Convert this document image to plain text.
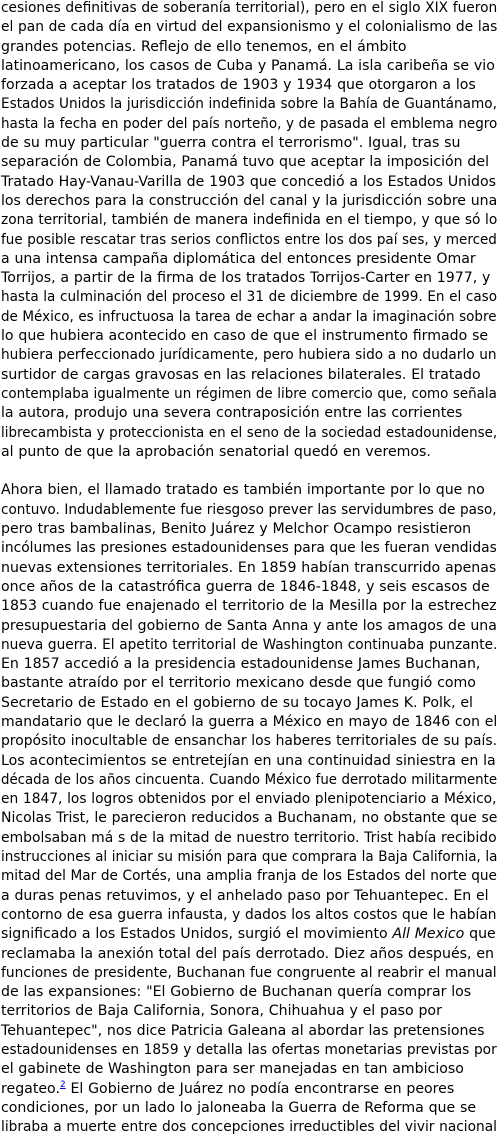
cesiones definitivas de soberanía territorial), pero en el siglo XIX fueron
el pan de cada día en virtud del expansionismo y el colonialismo de las
grandes potencias. Reflejo de ello tenemos, en el ámbito
latinoamericano, los casos de Cuba y Panamá. La isla caribeña se vio
forzada a aceptar los tratados de 1903 y 1934 que otorgaron a los
Estados Unidos la jurisdicción indefinida sobre la Bahía de Guantánamo,
hasta la fecha en poder del país norteño, y de pasada el emblema negro
de su muy particular "guerra contra el terrorismo". Igual, tras su
separación de Colombia, Panamá tuvo que aceptar la imposición del
Tratado Hay-Vanau-Varilla de 1903 que concedió a los Estados Unidos
los derechos para la construcción del canal y la jurisdicción sobre una
zona territorial, también de manera indefinida en el tiempo, y que só lo
fue posible rescatar tras serios conflictos entre los dos paí ses, y merced
a una intensa campaña diplomática del entonces presidente Omar
Torrijos, a partir de la firma de los tratados Torrijos-Carter en 1977, y
hasta la culminación del proceso el 31 de diciembre de 1999. En el caso
de México, es infructuosa la tarea de echar a andar la imaginación sobre
lo que hubiera acontecido en caso de que el instrumento firmado se
hubiera perfeccionado jurídicamente, pero hubiera sido a no dudarlo un
surtidor de cargas gravosas en las relaciones bilaterales. El tratado
contemplaba igualmente un régimen de libre comercio que, como señala
la autora, produjo una severa contraposición entre las corrientes
librecambista y proteccionista en el seno de la sociedad estadounidense,
al punto de que la aprobación senatorial quedó en veremos.
Ahora bien, el llamado tratado es también importante por lo que no
contuvo. Indudablemente fue riesgoso prever las servidumbres de paso,
pero tras bambalinas, Benito Juárez y Melchor Ocampo resistieron
incólumes las presiones estadounidenses para que les fueran vendidas
nuevas extensiones territoriales. En 1859 habían transcurrido apenas
once años de la catastrófica guerra de 1846-1848, y seis escasos de
1853 cuando fue enajenado el territorio de la Mesilla por la estrechez
presupuestaria del gobierno de Santa Anna y ante los amagos de una
nueva guerra. El apetito territorial de Washington continuaba punzante.
En 1857 accedió a la presidencia estadounidense James Buchanan,
bastante atraído por el territorio mexicano desde que fungió como
Secretario de Estado en el gobierno de su tocayo James K. Polk, el
mandatario que le declaró la guerra a México en mayo de 1846 con el
propósito inocultable de ensanchar los haberes territoriales de su país.
Los acontecimientos se entretejían en una continuidad siniestra en la
década de los años cincuenta. Cuando México fue derrotado militarmente
en 1847, los logros obtenidos por el enviado plenipotenciario a México,
Nicolas Trist, le parecieron reducidos a Buchanam, no obstante que se
embolsaban má s de la mitad de nuestro territorio. Trist había recibido
instrucciones al iniciar su misión para que comprara la Baja California, la
mitad del Mar de Cortés, una amplia franja de los Estados del norte que
a duras penas retuvimos, y el anhelado paso por Tehuantepec. En el
contorno de esa guerra infausta, y dados los altos costos que le habían
significado a los Estados Unidos, surgió el movimiento All Mexico que
reclamaba la anexión total del país derrotado. Diez años después, en
funciones de presidente, Buchanan fue congruente al reabrir el manual
de las expansiones: "El Gobierno de Buchanan quería comprar los
territorios de Baja California, Sonora, Chihuahua y el paso por
Tehuantepec", nos dice Patricia Galeana al abordar las pretensiones
estadounidenses en 1859 y detalla las ofertas monetarias previstas por
el gabinete de Washington para ser manejadas en tan ambicioso
regateo.$^2$ El Gobierno de Juárez no podía encontrarse en peores
condiciones, por un lado lo jaloneaba la Guerra de Reforma que se
libraba a muerte entre dos concepciones irreductibles del vivir nacional
